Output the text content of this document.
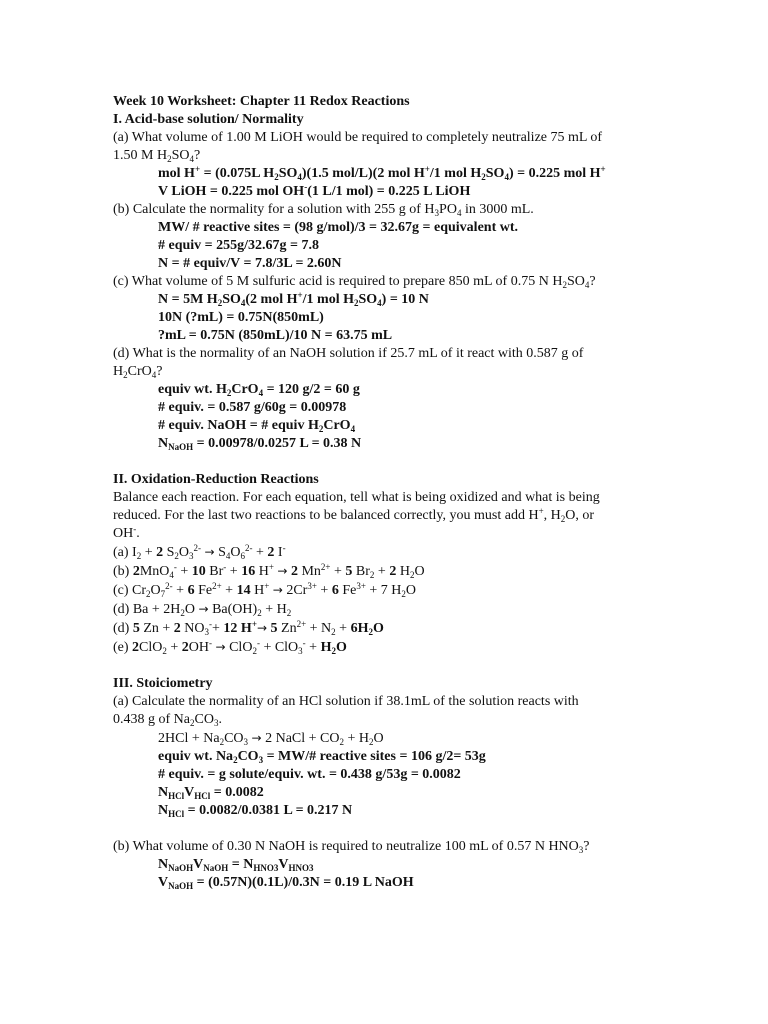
Week 10 Worksheet: Chapter 11 Redox Reactions
I. Acid-base solution/ Normality
(a) What volume of 1.00 M LiOH would be required to completely neutralize 75 mL of
1.50 M $H_2SO_4$?
mol H+ = (0.075L $H_2SO_4)(1.5$ mol/L)(2 mol H+/1 mol $H_2SO_4) = 0.225$ mol H+
V LiOH = 0.225 mol OH-(1 L/1 mol) = 0.225 L LiOH
(b) Calculate the normality for a solution with 255 g of $H_3PO_4$ in 3000 mL.
MW/ # reactive sites = (98 g/mol)/3 = 32.67g = equivalent wt.
# equiv = 255g/32.67g = 7.8
N = # equiv/V = 7.8/3L = 2.60N
(c) What volume of 5 M sulfuric acid is required to prepare 850 mL of 0.75 N $H_2SO_4$?
N = 5M $H_2SO_4(2$ mol H+/1 mol $H_2SO_4) = 10$ N
10N (?mL) = 0.75N(850mL)
?mL = 0.75N (850mL)/10 N = 63.75 mL
(d) What is the normality of an NaOH solution if 25.7 mL of it react with 0.587 g of
$H_2CrO_4$?
equiv wt. $H_2CrO_4 = 120$ g/2 = 60 g
# equiv. = 0.587 g/60g = 0.00978
# equiv. NaOH = # equiv $H_2CrO_4$
$N_{NaOH} = 0.00978/0.0257$ L = 0.38 N
II. Oxidation-Reduction Reactions
Balance each reaction. For each equation, tell what is being oxidized and what is being
reduced. For the last two reactions to be balanced correctly, you must add H+, $H_2O$, or
OH-.
(a) $I_2 + 2$ $S_2O_3^{2-} \to S_4O_6^{2-} + 2$ I-
(b) 2MnO$_4$- + 10 Br- + 16 H+ → 2 $Mn^{2+} + 5$ $Br_2 + 2$ $H_2O$
(c) $Cr_2O_7^{2-} + 6$ $Fe^{2+} + 14$ $H^+ \to 2Cr^{3+} + 6$ $Fe^{3+} + 7$ $H_2O$
(d) $Ba + 2H_2O \to Ba(OH)_2 + H_2$
(d) 5 Zn + 2 $NO_3^-+ 12$ H+→ 5 $Zn^{2+} + N_2 + 6H_2O$
(e) $2ClO_2 + 2OH^- \to ClO_2^- + ClO_3^- + H_2O$
III. Stoiciometry
(a) Calculate the normality of an HCl solution if 38.1mL of the solution reacts with
0.438 g of $Na_2CO_3$.
$2HCl + Na_2CO_3 \to 2$ NaCl + $CO_2 + H_2O$
equiv wt. $Na_2CO_3$ = MW/# reactive sites = 106 g/2= 53g
# equiv. = g solute/equiv. wt. = 0.438 g/53g = 0.0082
$N_{HCl}V_{HCl} = 0.0082$
$N_{HCl} = 0.0082/0.0381$ L = 0.217 N
(b) What volume of 0.30 N NaOH is required to neutralize 100 mL of 0.57 N $HNO_3$?
$N_{NaOH}V_{NaOH} = N_{HNO3}V_{HNO3}$
$V_{NaOH} = (0.57N)(0.1L)/0.3N = 0.19$ L NaOH
